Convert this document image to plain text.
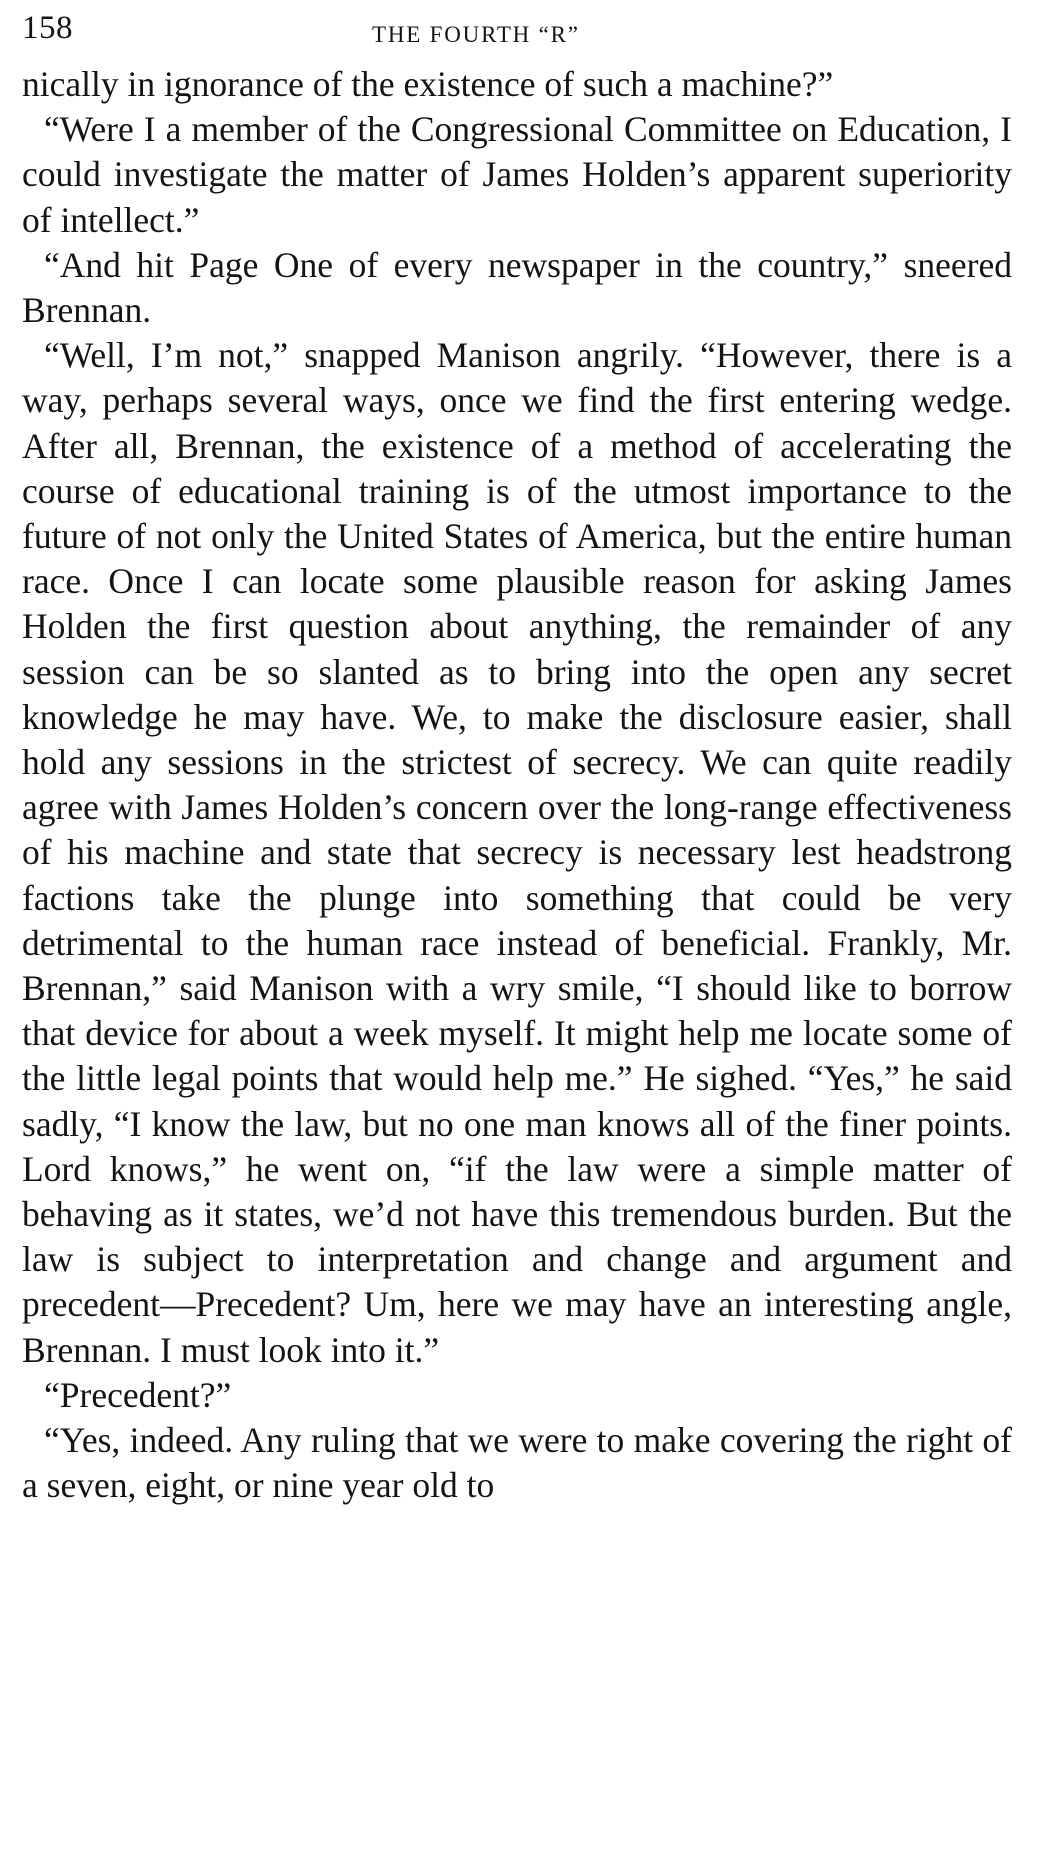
158	THE FOURTH “R”

nically in ignorance of the existence of such a machine?”

“Were I a member of the Congressional Committee on Education, I could investigate the matter of James Holden’s apparent superiority of intellect.”

“And hit Page One of every newspaper in the country,” sneered Brennan.

“Well, I’m not,” snapped Manison angrily. “However, there is a way, perhaps several ways, once we find the first entering wedge. After all, Brennan, the existence of a method of accelerating the course of educational training is of the utmost importance to the future of not only the United States of America, but the entire human race. Once I can locate some plausible reason for asking James Holden the first question about anything, the remainder of any session can be so slanted as to bring into the open any secret knowledge he may have. We, to make the disclosure easier, shall hold any sessions in the strictest of secrecy. We can quite readily agree with James Holden’s concern over the long-range effectiveness of his machine and state that secrecy is necessary lest headstrong factions take the plunge into something that could be very detrimental to the human race instead of beneficial. Frankly, Mr. Brennan,” said Manison with a wry smile, “I should like to borrow that device for about a week myself. It might help me locate some of the little legal points that would help me.” He sighed. “Yes,” he said sadly, “I know the law, but no one man knows all of the finer points. Lord knows,” he went on, “if the law were a simple matter of behaving as it states, we’d not have this tremendous burden. But the law is subject to interpretation and change and argument and precedent—Precedent? Um, here we may have an interesting angle, Brennan. I must look into it.”

“Precedent?”

“Yes, indeed. Any ruling that we were to make covering the right of a seven, eight, or nine year old to
